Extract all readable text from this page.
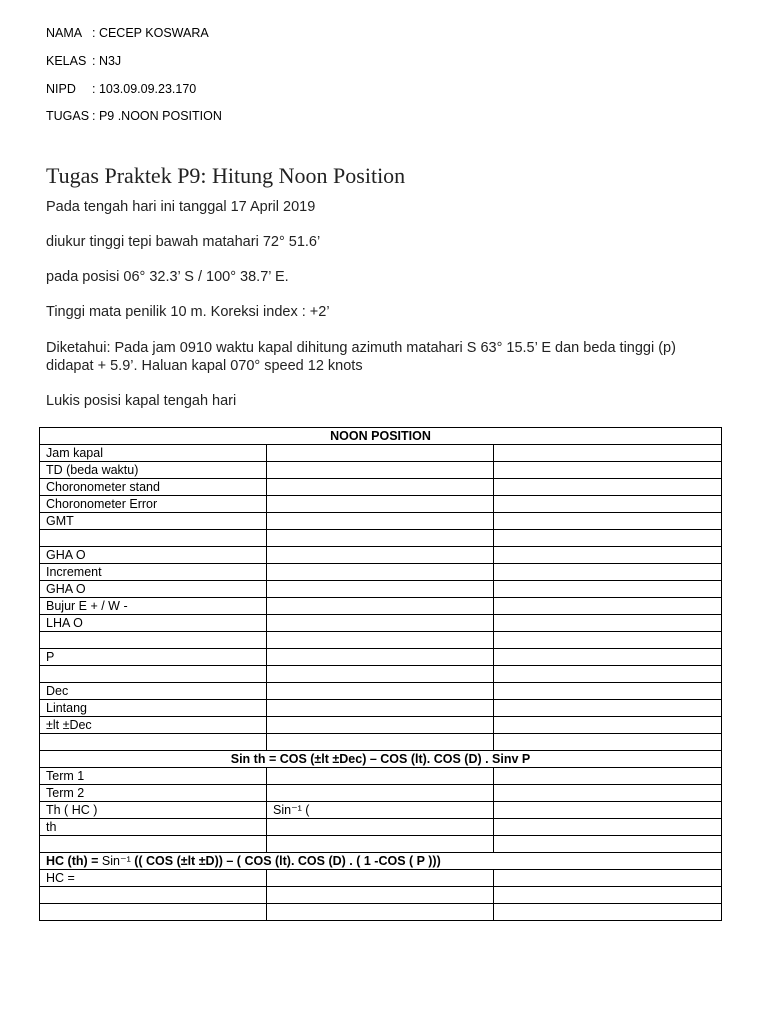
NAMA : CECEP KOSWARA
KELAS : N3J
NIPD : 103.09.09.23.170
TUGAS : P9 .NOON POSITION
Tugas Praktek P9: Hitung Noon Position
Pada tengah hari ini tanggal 17 April 2019
diukur tinggi tepi bawah matahari 72° 51.6’
pada posisi 06° 32.3’ S / 100° 38.7’ E.
Tinggi mata penilik 10 m. Koreksi index : +2’
Diketahui: Pada jam 0910 waktu kapal dihitung azimuth matahari S 63° 15.5’ E dan beda tinggi (p) didapat + 5.9’. Haluan kapal 070° speed 12 knots
Lukis posisi kapal tengah hari
NOON POSITION		
Jam kapal		
TD (beda waktu)		
Choronometer stand		
Choronometer Error		
GMT		

GHA O		
Increment		
GHA O		
Bujur E + / W -		
LHA O		

P		

Dec		
Lintang		
±lt ±Dec		

Sin th = COS (±lt ±Dec) – COS (lt). COS (D) . Sinv P		
Term 1		
Term 2		
Th ( HC )	Sin⁻¹ (	
th		

HC (th) = Sin⁻¹ (( COS (±lt ±D)) – ( COS (lt). COS (D) . ( 1 -COS ( P )))		
HC =		
